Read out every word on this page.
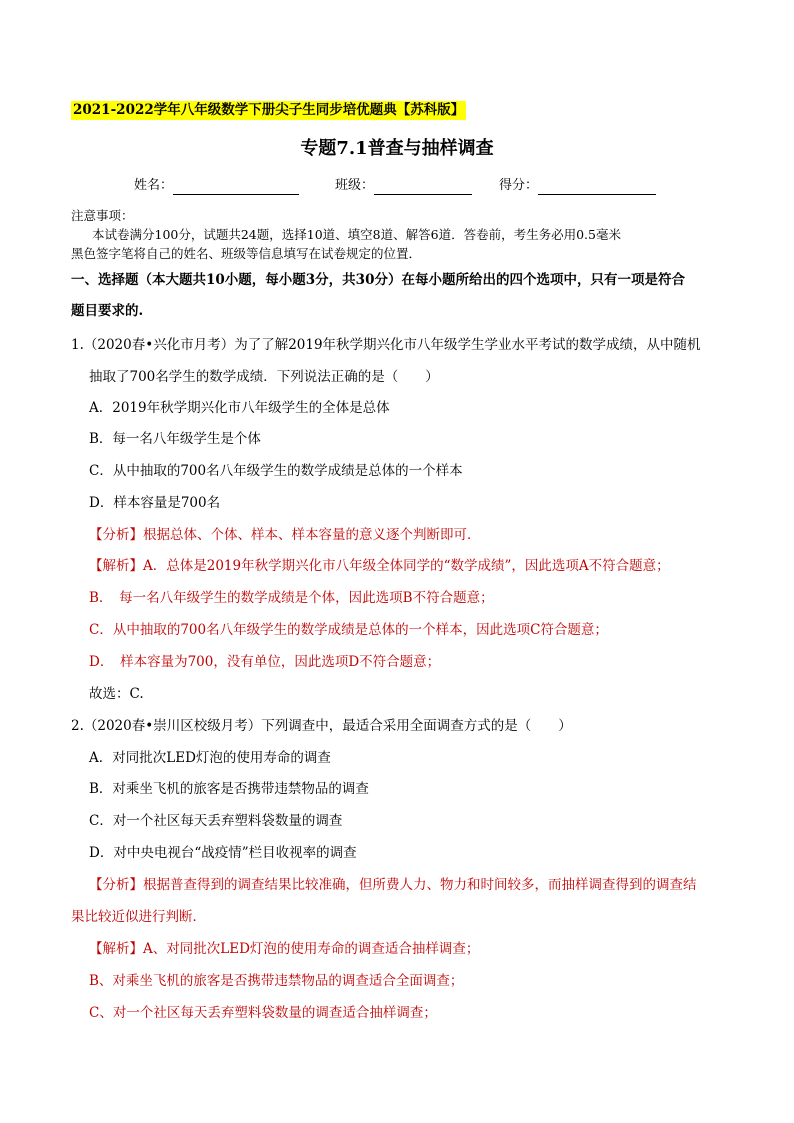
2021-2022学年八年级数学下册尖子生同步培优题典【苏科版】
专题7.1普查与抽样调查
姓名：	班级：	得分：
注意事项：
本试卷满分100分，试题共24题，选择10道、填空8道、解答6道．答卷前，考生务必用0.5毫米
黑色签字笔将自己的姓名、班级等信息填写在试卷规定的位置．
一、选择题（本大题共10小题，每小题3分，共30分）在每小题所给出的四个选项中，只有一项是符合
题目要求的.
1.（2020春•兴化市月考）为了了解2019年秋学期兴化市八年级学生学业水平考试的数学成绩，从中随机
抽取了700名学生的数学成绩．下列说法正确的是（　　）
A．2019年秋学期兴化市八年级学生的全体是总体
B．每一名八年级学生是个体
C．从中抽取的700名八年级学生的数学成绩是总体的一个样本
D．样本容量是700名
【分析】根据总体、个体、样本、样本容量的意义逐个判断即可．
【解析】A．总体是2019年秋学期兴化市八年级全体同学的“数学成绩”，因此选项A不符合题意；
B．　每一名八年级学生的数学成绩是个体，因此选项B不符合题意；
C．从中抽取的700名八年级学生的数学成绩是总体的一个样本，因此选项C符合题意；
D．　样本容量为700，没有单位，因此选项D不符合题意；
故选：C.
2.（2020春•崇川区校级月考）下列调查中，最适合采用全面调查方式的是（　　）
A．对同批次LED灯泡的使用寿命的调查
B．对乘坐飞机的旅客是否携带违禁物品的调查
C．对一个社区每天丢弃塑料袋数量的调查
D．对中央电视台“战疫情”栏目收视率的调查
【分析】根据普查得到的调查结果比较准确，但所费人力、物力和时间较多，而抽样调查得到的调查结
果比较近似进行判断．
【解析】A、对同批次LED灯泡的使用寿命的调查适合抽样调查；
B、对乘坐飞机的旅客是否携带违禁物品的调查适合全面调查；
C、对一个社区每天丢弃塑料袋数量的调查适合抽样调查；
